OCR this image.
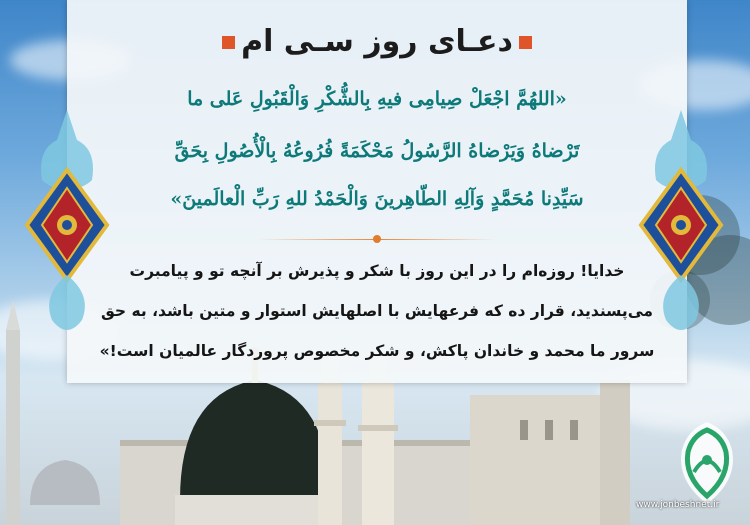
دعـای روز سـی ام
«اللهُمَّ اجْعَلْ صِيامِی فيهِ بِالشُّكْرِ وَالْقَبُولِ عَلی ما
تَرْضاهُ وَيَرْضاهُ الرَّسُولُ مَحْكَمَةً فُرُوعُهُ بِالْأُصُولِ بِحَقِّ
سَيِّدِنا مُحَمَّدٍ وَآلِهِ الطّاهِرينَ وَالْحَمْدُ للهِ رَبِّ الْعالَمينَ»
خدایا! روزه‌ام را در این روز با شکر و پذیرش بر آنچه تو و پیامبرت
می‌پسندید، قرار ده که فرعهایش با اصلهایش استوار و متین باشد، به حق
سرور ما محمد و خاندان پاکش، و شکر مخصوص پروردگار عالمیان است!»
www.jonbeshnet.ir
